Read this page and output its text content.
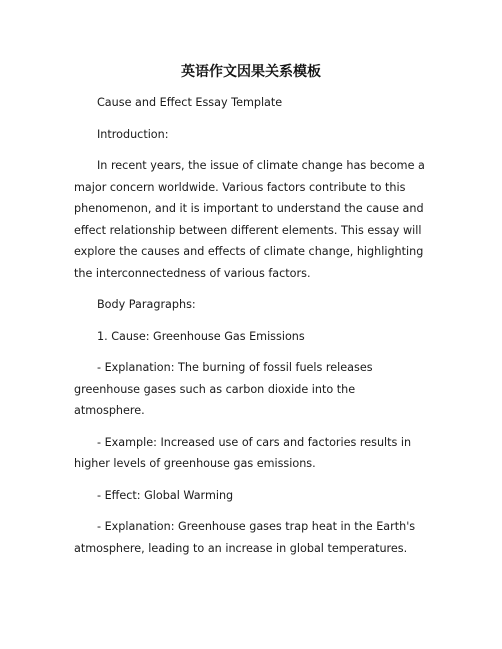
英语作文因果关系模板

Cause and Effect Essay Template

Introduction:

In recent years, the issue of climate change has become a major concern worldwide. Various factors contribute to this phenomenon, and it is important to understand the cause and effect relationship between different elements. This essay will explore the causes and effects of climate change, highlighting the interconnectedness of various factors.

Body Paragraphs:

1. Cause: Greenhouse Gas Emissions

- Explanation: The burning of fossil fuels releases greenhouse gases such as carbon dioxide into the atmosphere.

- Example: Increased use of cars and factories results in higher levels of greenhouse gas emissions.

- Effect: Global Warming

- Explanation: Greenhouse gases trap heat in the Earth's atmosphere, leading to an increase in global temperatures.
